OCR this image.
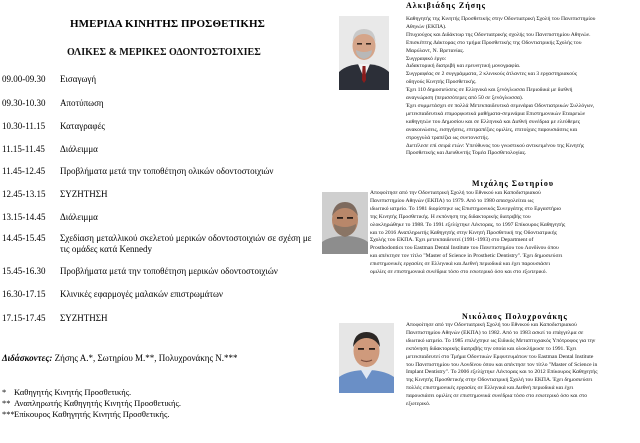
ΗΜΕΡΙΔΑ ΚΙΝΗΤΗΣ ΠΡΟΣΘΕΤΙΚΗΣ
ΟΛΙΚΕΣ & ΜΕΡΙΚΕΣ ΟΔΟΝΤΟΣΤΟΙΧΙΕΣ
09.00-09.30 Εισαγωγή
09.30-10.30 Αποτύπωση
10.30-11.15 Καταγραφές
11.15-11.45 Διάλειμμα
11.45-12.45 Προβλήματα μετά την τοποθέτηση ολικών οδοντοστοιχιών
12.45-13.15 ΣΥΖΗΤΗΣΗ
13.15-14.45 Διάλειμμα
14.45-15.45 Σχεδίαση μεταλλικού σκελετού μερικών οδοντοστοιχιών σε σχέση με
τις ομάδες κατά Kennedy
15.45-16.30 Προβλήματα μετά την τοποθέτηση μερικών οδοντοστοιχιών
16.30-17.15 Κλινικές εφαρμογές μαλακών επιστρωμάτων
17.15-17.45 ΣΥΖΗΤΗΣΗ
Διδάσκοντες: Ζήσης Α.*, Σωτηρίου Μ.**, Πολυχρονάκης Ν.***
* Καθηγητής Κινητής Προσθετικής.
** Αναπληρωτής Καθηγητής Κινητής Προσθετικής.
***Επίκουρος Καθηγητής Κινητής Προσθετικής.
Αλκιβιάδης Ζήσης
Καθηγητής της Κινητής Προσθετικής στην Οδοντιατρική Σχολή του Πανεπιστημίου
Αθηνών (ΕΚΠΑ).
Πτυχιούχος και Διδάκτωρ της Οδοντιατρικής σχολής του Πανεπιστημίου Αθηνών.
Επισκέπτης Δάκτορας στο τμήμα Προσθετικής της Οδοντιατρικής Σχολής του
Μαρύλαντ, Ν. Βρετανίας.
Συγγραφικό έργο:
Διδακτορική διατριβή και ερευνητική μονογραφία.
Συγγραφέας σε 2 συγγράμματα, 2 κλινικούς άτλαντες και 3 εργαστηριακούς
οδηγούς Κινητής Προσθετικής.
Έχει 110 δημοσιεύσεις σε Ελληνικά και ξενόγλωσσα Περιοδικά με διεθνή
αναγνώριση (περισσότερες από 50 σε ξενόγλωσσα).
Έχει συμμετάσχει σε πολλά Μετεκπαιδευτικά σεμινάρια Οδοντιατρικών Συλλόγων,
μετεκπαιδευτικά επιμορφωτικά μαθήματα-σεμινάρια Επιστημονικών Εταιρειών
καθηγητών του Δημοσίου και σε Ελληνικά και Διεθνή συνέδρια με ελεύθερες
ανακοινώσεις, εισηγήσεις, επιτραπέζιες ομιλίες, επιτοίχιες παρουσιάσεις και
στρογγυλά τραπέζια ως συντονιστής.
Διετέλεσε επί σειρά ετών: Υπεύθυνος του γνωστικού αντικειμένου της Κινητής
Προσθετικής και Διευθυντής Τομέα Προσθετολογίας.
Μιχάλης Σωτηρίου
Αποφοίτησε από την Οδοντιατρική Σχολή του Εθνικού και Καποδιστριακού
Πανεπιστημίου Αθηνών (ΕΚΠΑ) το 1979. Από το 1980 απασχολείται ως
ιδιωτικό ιατρείο. Το 1981 διορίστηκε ως Επιστημονικός Συνεργάτης στο Εργαστήριο
της Κινητής Προσθετικής. Η εκπόνηση της διδακτορικής διατριβής του
ολοκληρώθηκε το 1988. Το 1991 εξελίχτηκε Λέκτορας, το 1997 Επίκουρος Καθηγητής
και το 2016 Αναπληρωτής Καθηγητής στην Κινητή Προσθετική της Οδοντιατρικής
Σχολής του ΕΚΠΑ. Έχει μετεκπαιδευτεί (1991-1993) στο Department of
Prosthodontics του Eastman Dental Institute του Πανεπιστημίου του Λονδίνου όπου
και απέκτησε τον τίτλο "Master of Science in Prosthetic Dentistry". Έχει δημοσιεύσει
επιστημονικές εργασίες σε Ελληνικά και Διεθνή περιοδικά και έχει παρουσιάσει
ομιλίες σε επιστημονικά συνέδρια τόσο στο εσωτερικό όσο και στο εξωτερικό.
Νικόλαος Πολυχρονάκης
Αποφοίτησε από την Οδοντιατρική Σχολή του Εθνικού και Καποδιστριακού
Πανεπιστημίου Αθηνών (ΕΚΠΑ) το 1982. Από το 1983 ασκεί το επάγγελμα σε
ιδιωτικό ιατρείο. Το 1985 επιλέχτηκε ως Ειδικός Μεταπτυχιακός Υπότροφος για την
εκπόνηση διδακτορικής διατριβής την οποία και ολοκλήρωσε το 1991. Έχει
μετεκπαιδευτεί στο Τμήμα Οδοντικών Εμφυτευμάτων του Eastman Dental Institute
του Πανεπιστημίου του Λονδίνου όπου και απέκτησε τον τίτλο "Master of Science in
Implant Dentistry". Το 2006 εξελίχτηκε Λέκτορας και το 2012 Επίκουρος Καθηγητής
της Κινητής Προσθετικής στην Οδοντιατρική Σχολή του ΕΚΠΑ. Έχει δημοσιεύσει
πολλές επιστημονικές εργασίες σε Ελληνικά και Διεθνή περιοδικά και έχει
παρουσιάσει ομιλίες σε επιστημονικά συνέδρια τόσο στο εσωτερικό όσο και στο
εξωτερικό.
